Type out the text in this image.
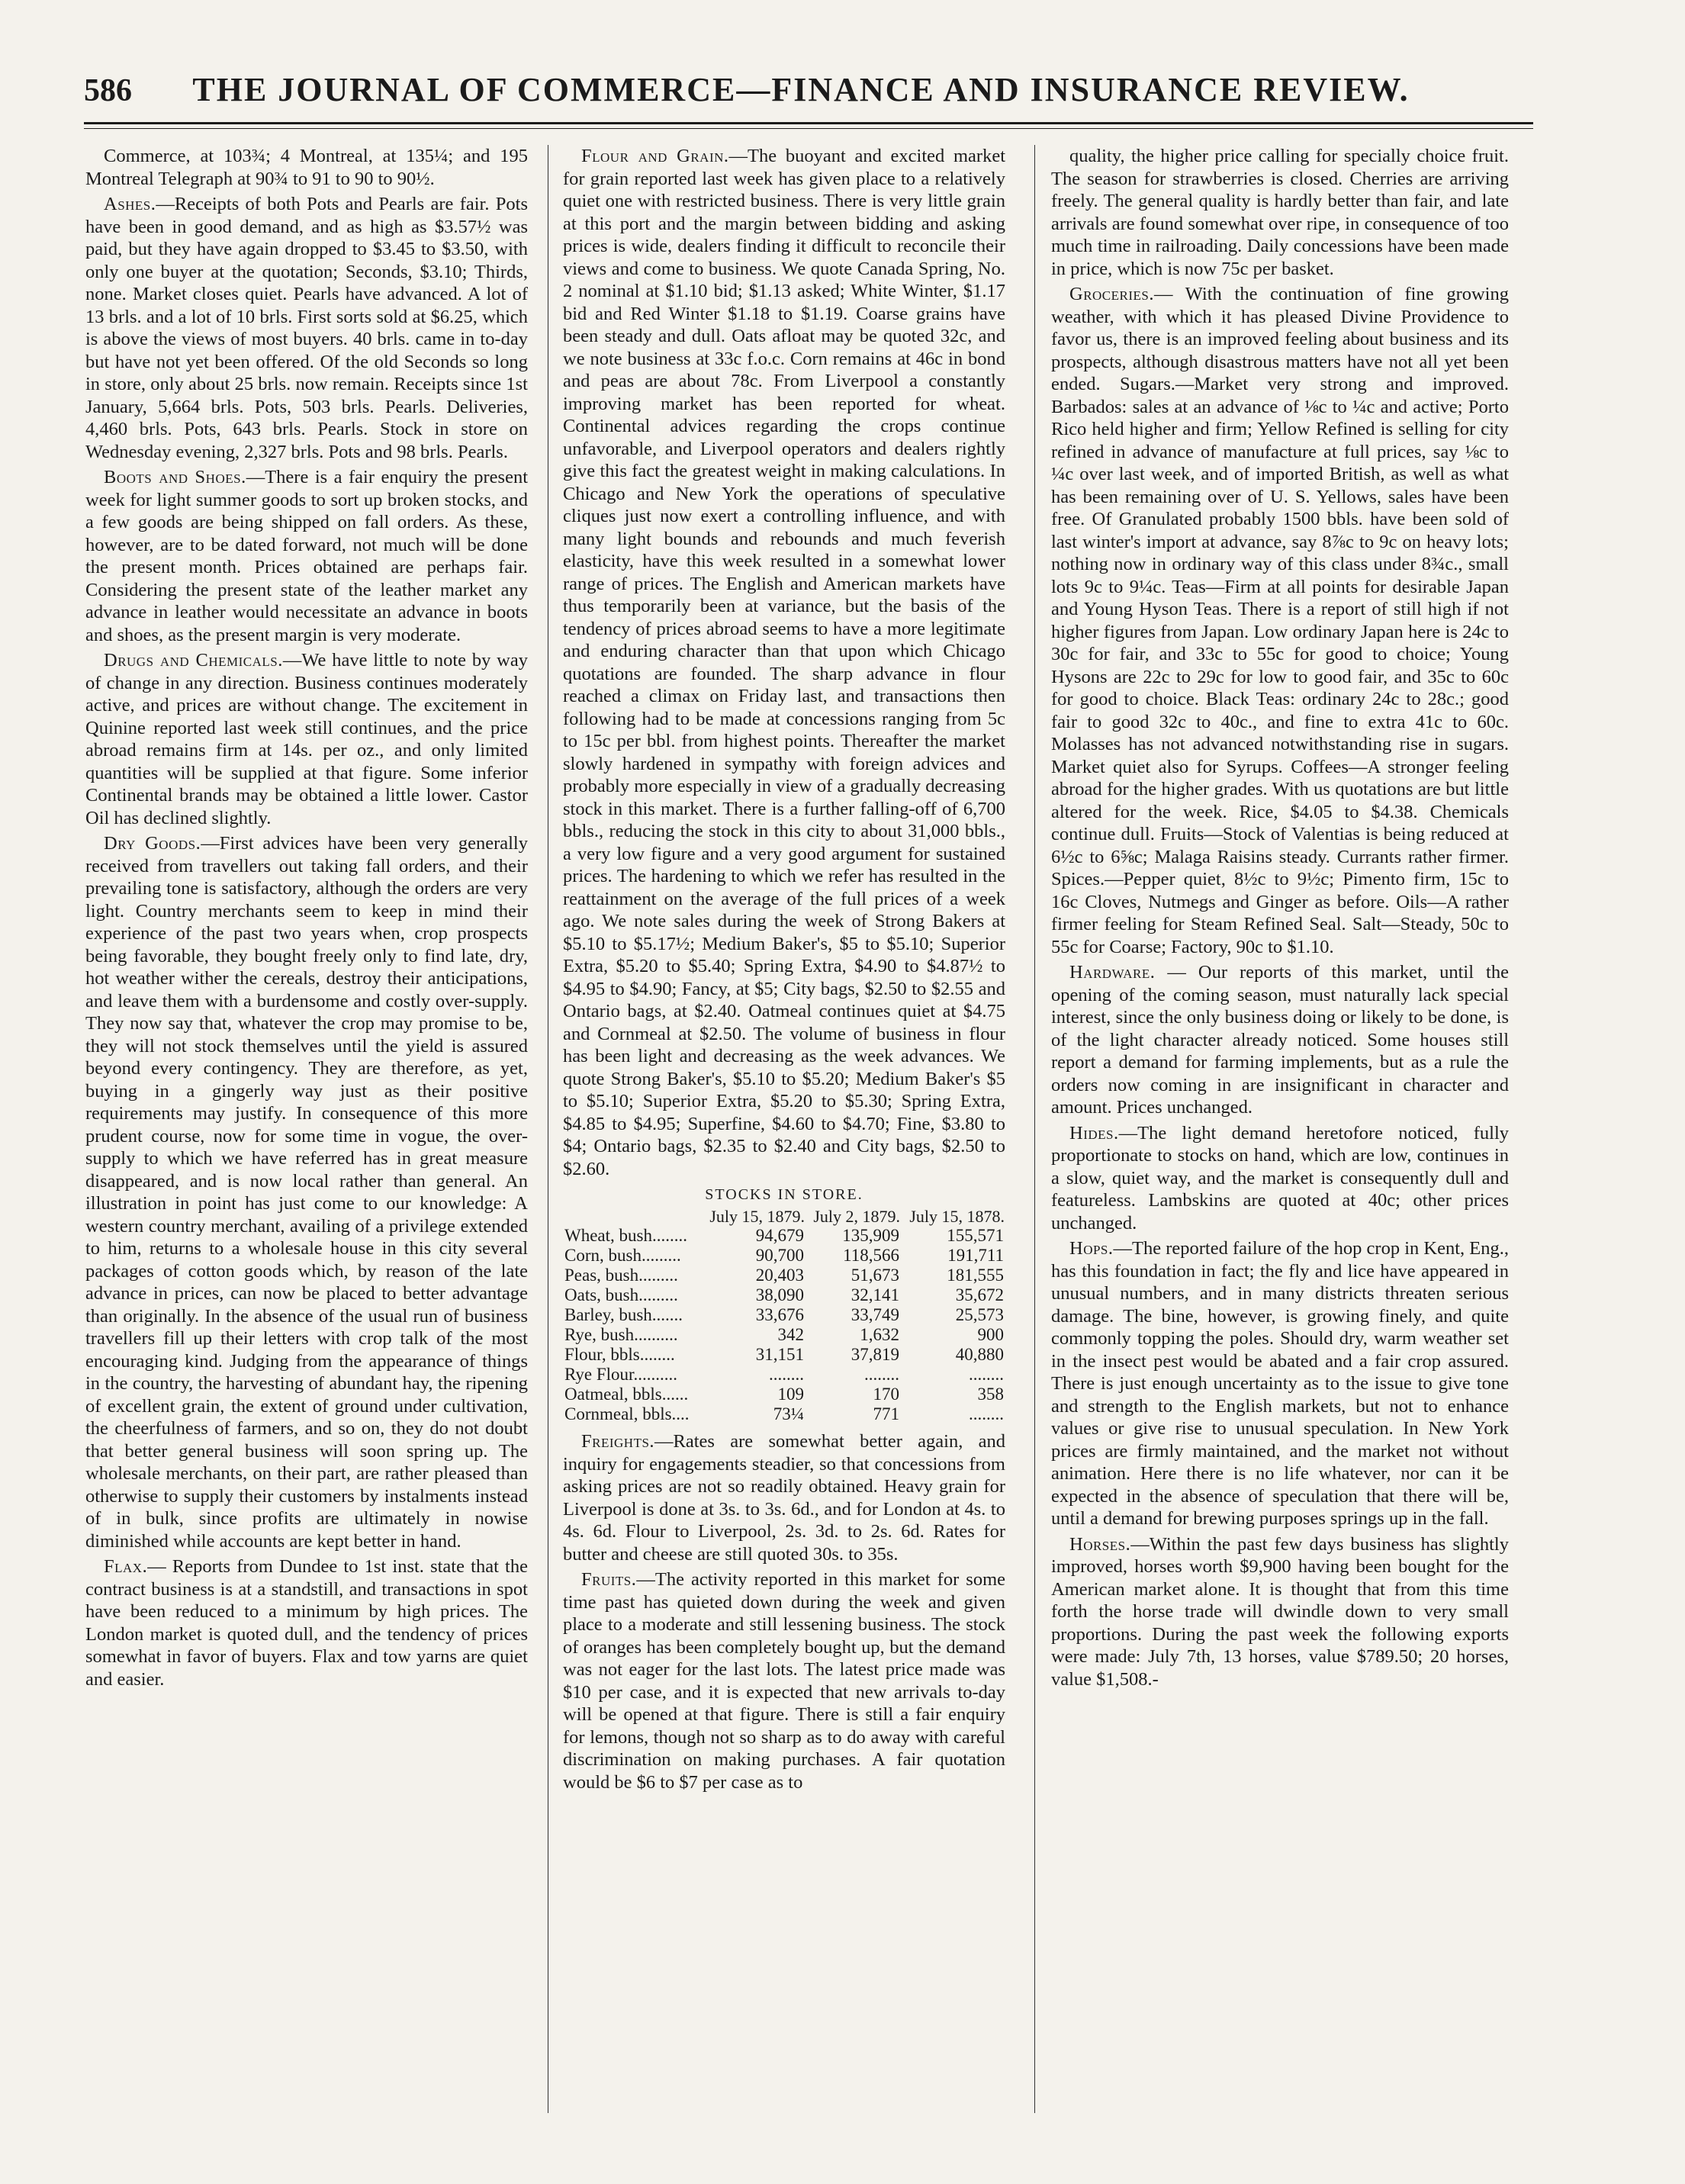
586	THE JOURNAL OF COMMERCE—FINANCE AND INSURANCE REVIEW.

Commerce, at 103¾; 4 Montreal, at 135¼; and 195 Montreal Telegraph at 90¾ to 91 to 90 to 90½.

Ashes.—Receipts of both Pots and Pearls are fair. Pots have been in good demand, and as high as $3.57½ was paid, but they have again dropped to $3.45 to $3.50, with only one buyer at the quotation; Seconds, $3.10; Thirds, none. Market closes quiet. Pearls have advanced. A lot of 13 brls. and a lot of 10 brls. First sorts sold at $6.25, which is above the views of most buyers. 40 brls. came in to-day but have not yet been offered. Of the old Seconds so long in store, only about 25 brls. now remain. Receipts since 1st January, 5,664 brls. Pots, 503 brls. Pearls. Deliveries, 4,460 brls. Pots, 643 brls. Pearls. Stock in store on Wednesday evening, 2,327 brls. Pots and 98 brls. Pearls.

Boots and Shoes.—There is a fair enquiry the present week for light summer goods to sort up broken stocks, and a few goods are being shipped on fall orders. As these, however, are to be dated forward, not much will be done the present month. Prices obtained are perhaps fair. Considering the present state of the leather market any advance in leather would necessitate an advance in boots and shoes, as the present margin is very moderate.

Drugs and Chemicals.—We have little to note by way of change in any direction. Business continues moderately active, and prices are without change. The excitement in Quinine reported last week still continues, and the price abroad remains firm at 14s. per oz., and only limited quantities will be supplied at that figure. Some inferior Continental brands may be obtained a little lower. Castor Oil has declined slightly.

Dry Goods.—First advices have been very generally received from travellers out taking fall orders, and their prevailing tone is satisfactory, although the orders are very light. Country merchants seem to keep in mind their experience of the past two years when, crop prospects being favorable, they bought freely only to find late, dry, hot weather wither the cereals, destroy their anticipations, and leave them with a burdensome and costly over-supply. They now say that, whatever the crop may promise to be, they will not stock themselves until the yield is assured beyond every contingency. They are therefore, as yet, buying in a gingerly way just as their positive requirements may justify. In consequence of this more prudent course, now for some time in vogue, the over-supply to which we have referred has in great measure disappeared, and is now local rather than general. An illustration in point has just come to our knowledge: A western country merchant, availing of a privilege extended to him, returns to a wholesale house in this city several packages of cotton goods which, by reason of the late advance in prices, can now be placed to better advantage than originally. In the absence of the usual run of business travellers fill up their letters with crop talk of the most encouraging kind. Judging from the appearance of things in the country, the harvesting of abundant hay, the ripening of excellent grain, the extent of ground under cultivation, the cheerfulness of farmers, and so on, they do not doubt that better general business will soon spring up. The wholesale merchants, on their part, are rather pleased than otherwise to supply their customers by instalments instead of in bulk, since profits are ultimately in nowise diminished while accounts are kept better in hand.

Flax.— Reports from Dundee to 1st inst. state that the contract business is at a standstill, and transactions in spot have been reduced to a minimum by high prices. The London market is quoted dull, and the tendency of prices somewhat in favor of buyers. Flax and tow yarns are quiet and easier.

Flour and Grain.—The buoyant and excited market for grain reported last week has given place to a relatively quiet one with restricted business. There is very little grain at this port and the margin between bidding and asking prices is wide, dealers finding it difficult to reconcile their views and come to business. We quote Canada Spring, No. 2 nominal at $1.10 bid; $1.13 asked; White Winter, $1.17 bid and Red Winter $1.18 to $1.19. Coarse grains have been steady and dull. Oats afloat may be quoted 32c, and we note business at 33c f.o.c. Corn remains at 46c in bond and peas are about 78c. From Liverpool a constantly improving market has been reported for wheat. Continental advices regarding the crops continue unfavorable, and Liverpool operators and dealers rightly give this fact the greatest weight in making calculations. In Chicago and New York the operations of speculative cliques just now exert a controlling influence, and with many light bounds and rebounds and much feverish elasticity, have this week resulted in a somewhat lower range of prices. The English and American markets have thus temporarily been at variance, but the basis of the tendency of prices abroad seems to have a more legitimate and enduring character than that upon which Chicago quotations are founded. The sharp advance in flour reached a climax on Friday last, and transactions then following had to be made at concessions ranging from 5c to 15c per bbl. from highest points. Thereafter the market slowly hardened in sympathy with foreign advices and probably more especially in view of a gradually decreasing stock in this market. There is a further falling-off of 6,700 bbls., reducing the stock in this city to about 31,000 bbls., a very low figure and a very good argument for sustained prices. The hardening to which we refer has resulted in the reattainment on the average of the full prices of a week ago. We note sales during the week of Strong Bakers at $5.10 to $5.17½; Medium Baker's, $5 to $5.10; Superior Extra, $5.20 to $5.40; Spring Extra, $4.90 to $4.87½ to $4.95 to $4.90; Fancy, at $5; City bags, $2.50 to $2.55 and Ontario bags, at $2.40. Oatmeal continues quiet at $4.75 and Cornmeal at $2.50. The volume of business in flour has been light and decreasing as the week advances. We quote Strong Baker's, $5.10 to $5.20; Medium Baker's $5 to $5.10; Superior Extra, $5.20 to $5.30; Spring Extra, $4.85 to $4.95; Superfine, $4.60 to $4.70; Fine, $3.80 to $4; Ontario bags, $2.35 to $2.40 and City bags, $2.50 to $2.60.

STOCKS IN STORE.
	July 15, 1879.	July 2, 1879.	July 15, 1878.
Wheat, bush........	94,679	135,909	155,571
Corn, bush.........	90,700	118,566	191,711
Peas, bush.........	20,403	51,673	181,555
Oats, bush.........	38,090	32,141	35,672
Barley, bush.......	33,676	33,749	25,573
Rye, bush..........	342	1,632	900
Flour, bbls........	31,151	37,819	40,880
Rye Flour..........	........	........	........
Oatmeal, bbls......	109	170	358
Cornmeal, bbls....	73¼	771	........

Freights.—Rates are somewhat better again, and inquiry for engagements steadier, so that concessions from asking prices are not so readily obtained. Heavy grain for Liverpool is done at 3s. to 3s. 6d., and for London at 4s. to 4s. 6d. Flour to Liverpool, 2s. 3d. to 2s. 6d. Rates for butter and cheese are still quoted 30s. to 35s.

Fruits.—The activity reported in this market for some time past has quieted down during the week and given place to a moderate and still lessening business. The stock of oranges has been completely bought up, but the demand was not eager for the last lots. The latest price made was $10 per case, and it is expected that new arrivals to-day will be opened at that figure. There is still a fair enquiry for lemons, though not so sharp as to do away with careful discrimination on making purchases. A fair quotation would be $6 to $7 per case as to

quality, the higher price calling for specially choice fruit. The season for strawberries is closed. Cherries are arriving freely. The general quality is hardly better than fair, and late arrivals are found somewhat over ripe, in consequence of too much time in railroading. Daily concessions have been made in price, which is now 75c per basket.

Groceries.— With the continuation of fine growing weather, with which it has pleased Divine Providence to favor us, there is an improved feeling about business and its prospects, although disastrous matters have not all yet been ended. Sugars.—Market very strong and improved. Barbados: sales at an advance of ⅛c to ¼c and active; Porto Rico held higher and firm; Yellow Refined is selling for city refined in advance of manufacture at full prices, say ⅛c to ¼c over last week, and of imported British, as well as what has been remaining over of U. S. Yellows, sales have been free. Of Granulated probably 1500 bbls. have been sold of last winter's import at advance, say 8⅞c to 9c on heavy lots; nothing now in ordinary way of this class under 8¾c., small lots 9c to 9¼c. Teas—Firm at all points for desirable Japan and Young Hyson Teas. There is a report of still high if not higher figures from Japan. Low ordinary Japan here is 24c to 30c for fair, and 33c to 55c for good to choice; Young Hysons are 22c to 29c for low to good fair, and 35c to 60c for good to choice. Black Teas: ordinary 24c to 28c.; good fair to good 32c to 40c., and fine to extra 41c to 60c. Molasses has not advanced notwithstanding rise in sugars. Market quiet also for Syrups. Coffees—A stronger feeling abroad for the higher grades. With us quotations are but little altered for the week. Rice, $4.05 to $4.38. Chemicals continue dull. Fruits—Stock of Valentias is being reduced at 6½c to 6⅝c; Malaga Raisins steady. Currants rather firmer. Spices.—Pepper quiet, 8½c to 9½c; Pimento firm, 15c to 16c Cloves, Nutmegs and Ginger as before. Oils—A rather firmer feeling for Steam Refined Seal. Salt—Steady, 50c to 55c for Coarse; Factory, 90c to $1.10.

Hardware. — Our reports of this market, until the opening of the coming season, must naturally lack special interest, since the only business doing or likely to be done, is of the light character already noticed. Some houses still report a demand for farming implements, but as a rule the orders now coming in are insignificant in character and amount. Prices unchanged.

Hides.—The light demand heretofore noticed, fully proportionate to stocks on hand, which are low, continues in a slow, quiet way, and the market is consequently dull and featureless. Lambskins are quoted at 40c; other prices unchanged.

Hops.—The reported failure of the hop crop in Kent, Eng., has this foundation in fact; the fly and lice have appeared in unusual numbers, and in many districts threaten serious damage. The bine, however, is growing finely, and quite commonly topping the poles. Should dry, warm weather set in the insect pest would be abated and a fair crop assured. There is just enough uncertainty as to the issue to give tone and strength to the English markets, but not to enhance values or give rise to unusual speculation. In New York prices are firmly maintained, and the market not without animation. Here there is no life whatever, nor can it be expected in the absence of speculation that there will be, until a demand for brewing purposes springs up in the fall.

Horses.—Within the past few days business has slightly improved, horses worth $9,900 having been bought for the American market alone. It is thought that from this time forth the horse trade will dwindle down to very small proportions. During the past week the following exports were made: July 7th, 13 horses, value $789.50; 20 horses, value $1,508.-
